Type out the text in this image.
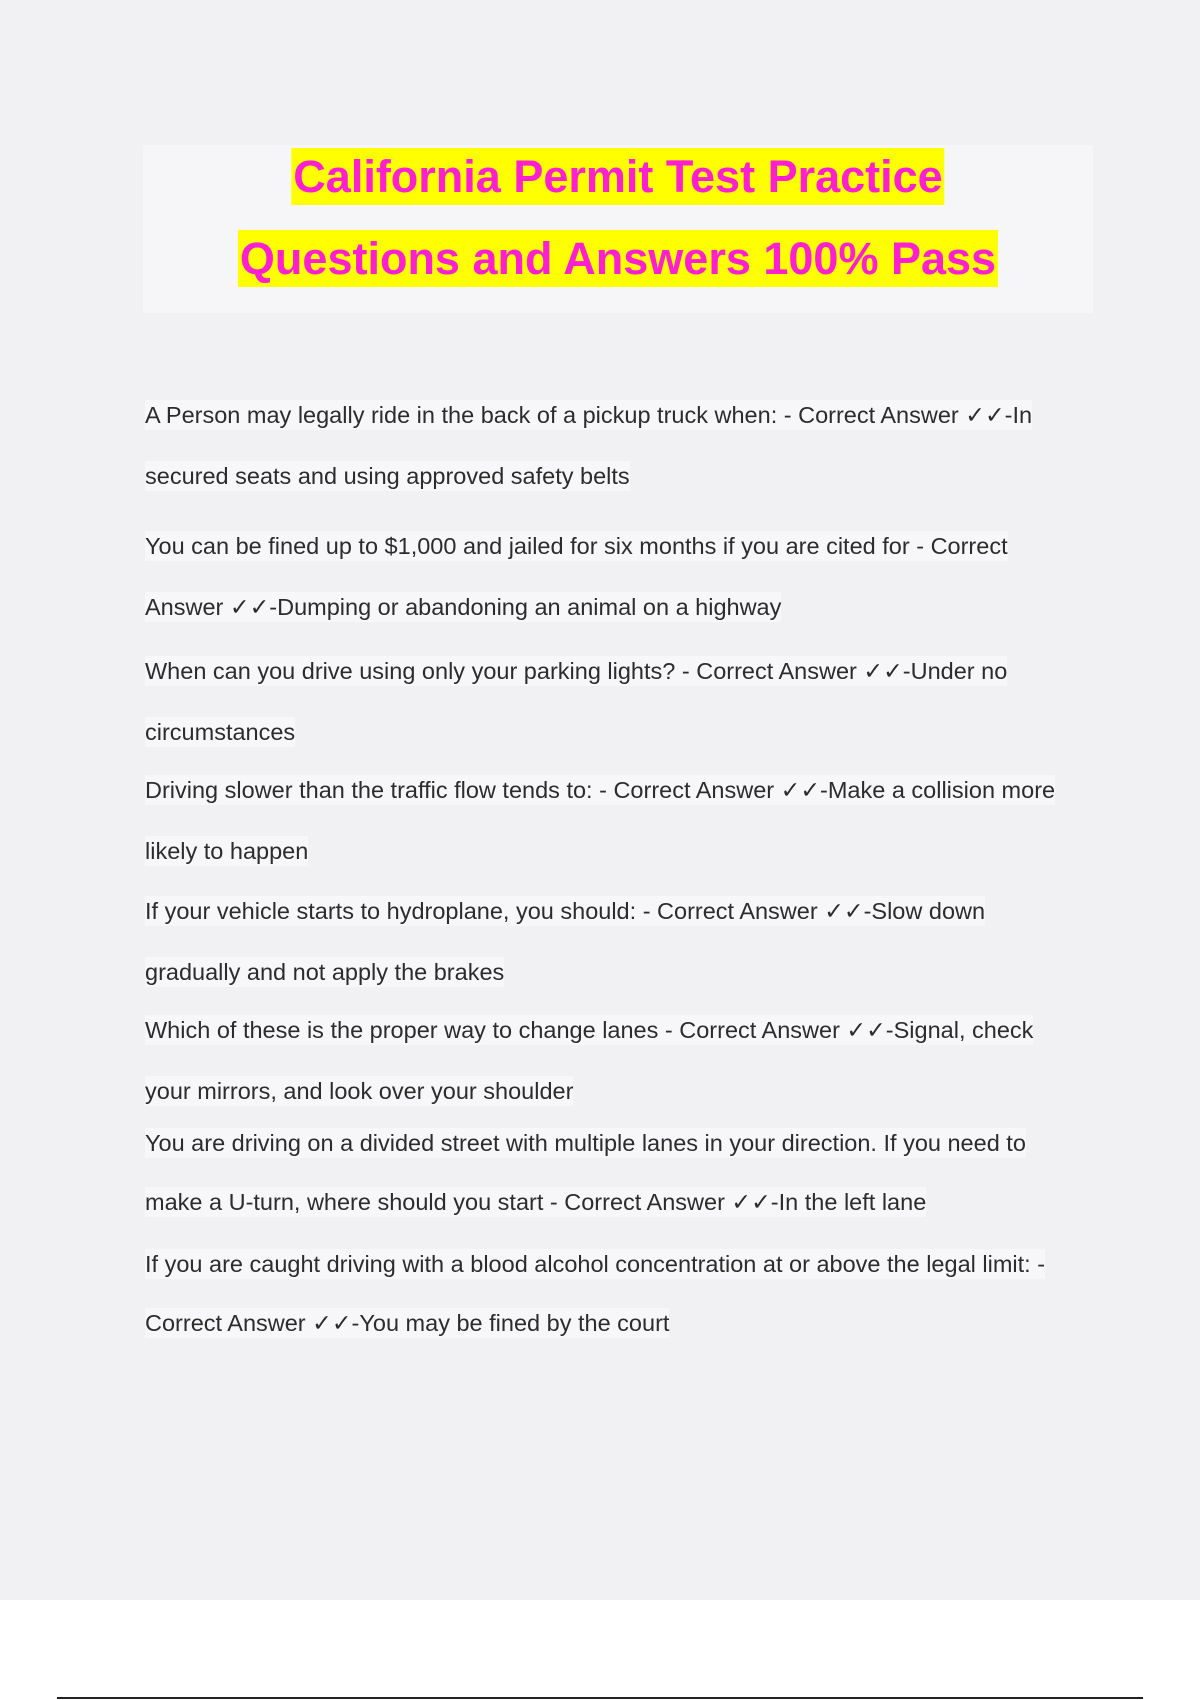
California Permit Test Practice
Questions and Answers 100% Pass
A Person may legally ride in the back of a pickup truck when: - Correct Answer ✓✓-In
secured seats and using approved safety belts
You can be fined up to $1,000 and jailed for six months if you are cited for - Correct
Answer ✓✓-Dumping or abandoning an animal on a highway
When can you drive using only your parking lights? - Correct Answer ✓✓-Under no
circumstances
Driving slower than the traffic flow tends to: - Correct Answer ✓✓-Make a collision more
likely to happen
If your vehicle starts to hydroplane, you should: - Correct Answer ✓✓-Slow down
gradually and not apply the brakes
Which of these is the proper way to change lanes - Correct Answer ✓✓-Signal, check
your mirrors, and look over your shoulder
You are driving on a divided street with multiple lanes in your direction. If you need to
make a U-turn, where should you start - Correct Answer ✓✓-In the left lane
If you are caught driving with a blood alcohol concentration at or above the legal limit: -
Correct Answer ✓✓-You may be fined by the court
